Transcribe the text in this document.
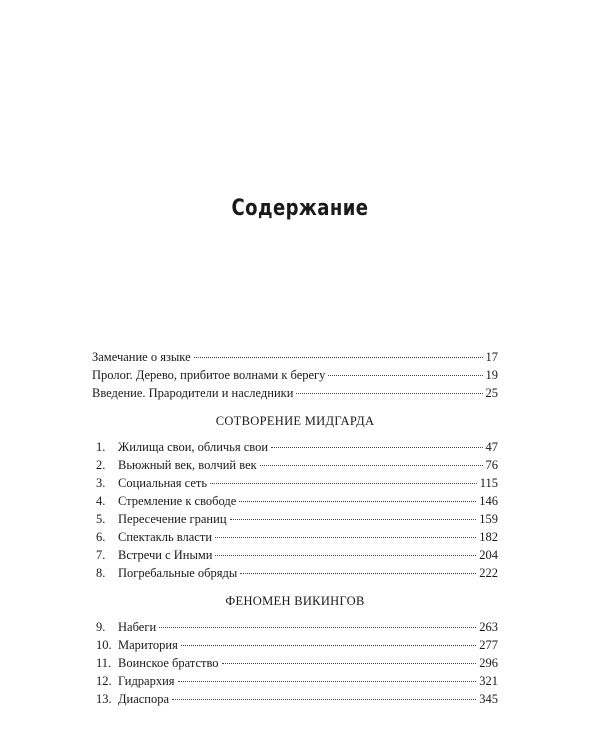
Содержание
Замечание о языке	17
Пролог. Дерево, прибитое волнами к берегу	19
Введение. Прародители и наследники	25
СОТВОРЕНИЕ МИДГАРДА
1.	Жилища свои, обличья свои	47
2.	Вьюжный век, волчий век	76
3.	Социальная сеть	115
4.	Стремление к свободе	146
5.	Пересечение границ	159
6.	Спектакль власти	182
7.	Встречи с Иными	204
8.	Погребальные обряды	222
ФЕНОМЕН ВИКИНГОВ
9.	Набеги	263
10. Маритория	277
11. Воинское братство	296
12. Гидрархия	321
13. Диаспора	345
